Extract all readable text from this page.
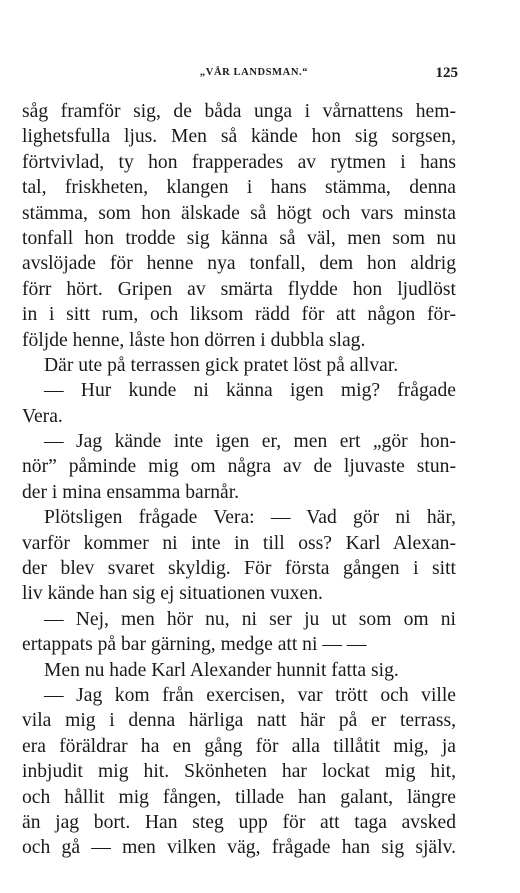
„VÅR LANDSMAN.“	125
såg framför sig, de båda unga i vårnattens hem-
lighetsfulla ljus. Men så kände hon sig sorgsen,
förtvivlad, ty hon frapperades av rytmen i hans
tal, friskheten, klangen i hans stämma, denna
stämma, som hon älskade så högt och vars minsta
tonfall hon trodde sig känna så väl, men som nu
avslöjade för henne nya tonfall, dem hon aldrig
förr hört. Gripen av smärta flydde hon ljudlöst
in i sitt rum, och liksom rädd för att någon för-
följde henne, låste hon dörren i dubbla slag.
Där ute på terrassen gick pratet löst på allvar.
— Hur kunde ni känna igen mig? frågade
Vera.
— Jag kände inte igen er, men ert „gör hon-
nör” påminde mig om några av de ljuvaste stun-
der i mina ensamma barnår.
Plötsligen frågade Vera: — Vad gör ni här,
varför kommer ni inte in till oss? Karl Alexan-
der blev svaret skyldig. För första gången i sitt
liv kände han sig ej situationen vuxen.
— Nej, men hör nu, ni ser ju ut som om ni
ertappats på bar gärning, medge att ni — —
Men nu hade Karl Alexander hunnit fatta sig.
— Jag kom från exercisen, var trött och ville
vila mig i denna härliga natt här på er terrass,
era föräldrar ha en gång för alla tillåtit mig, ja
inbjudit mig hit. Skönheten har lockat mig hit,
och hållit mig fången, tillade han galant, längre
än jag bort. Han steg upp för att taga avsked
och gå — men vilken väg, frågade han sig själv.
